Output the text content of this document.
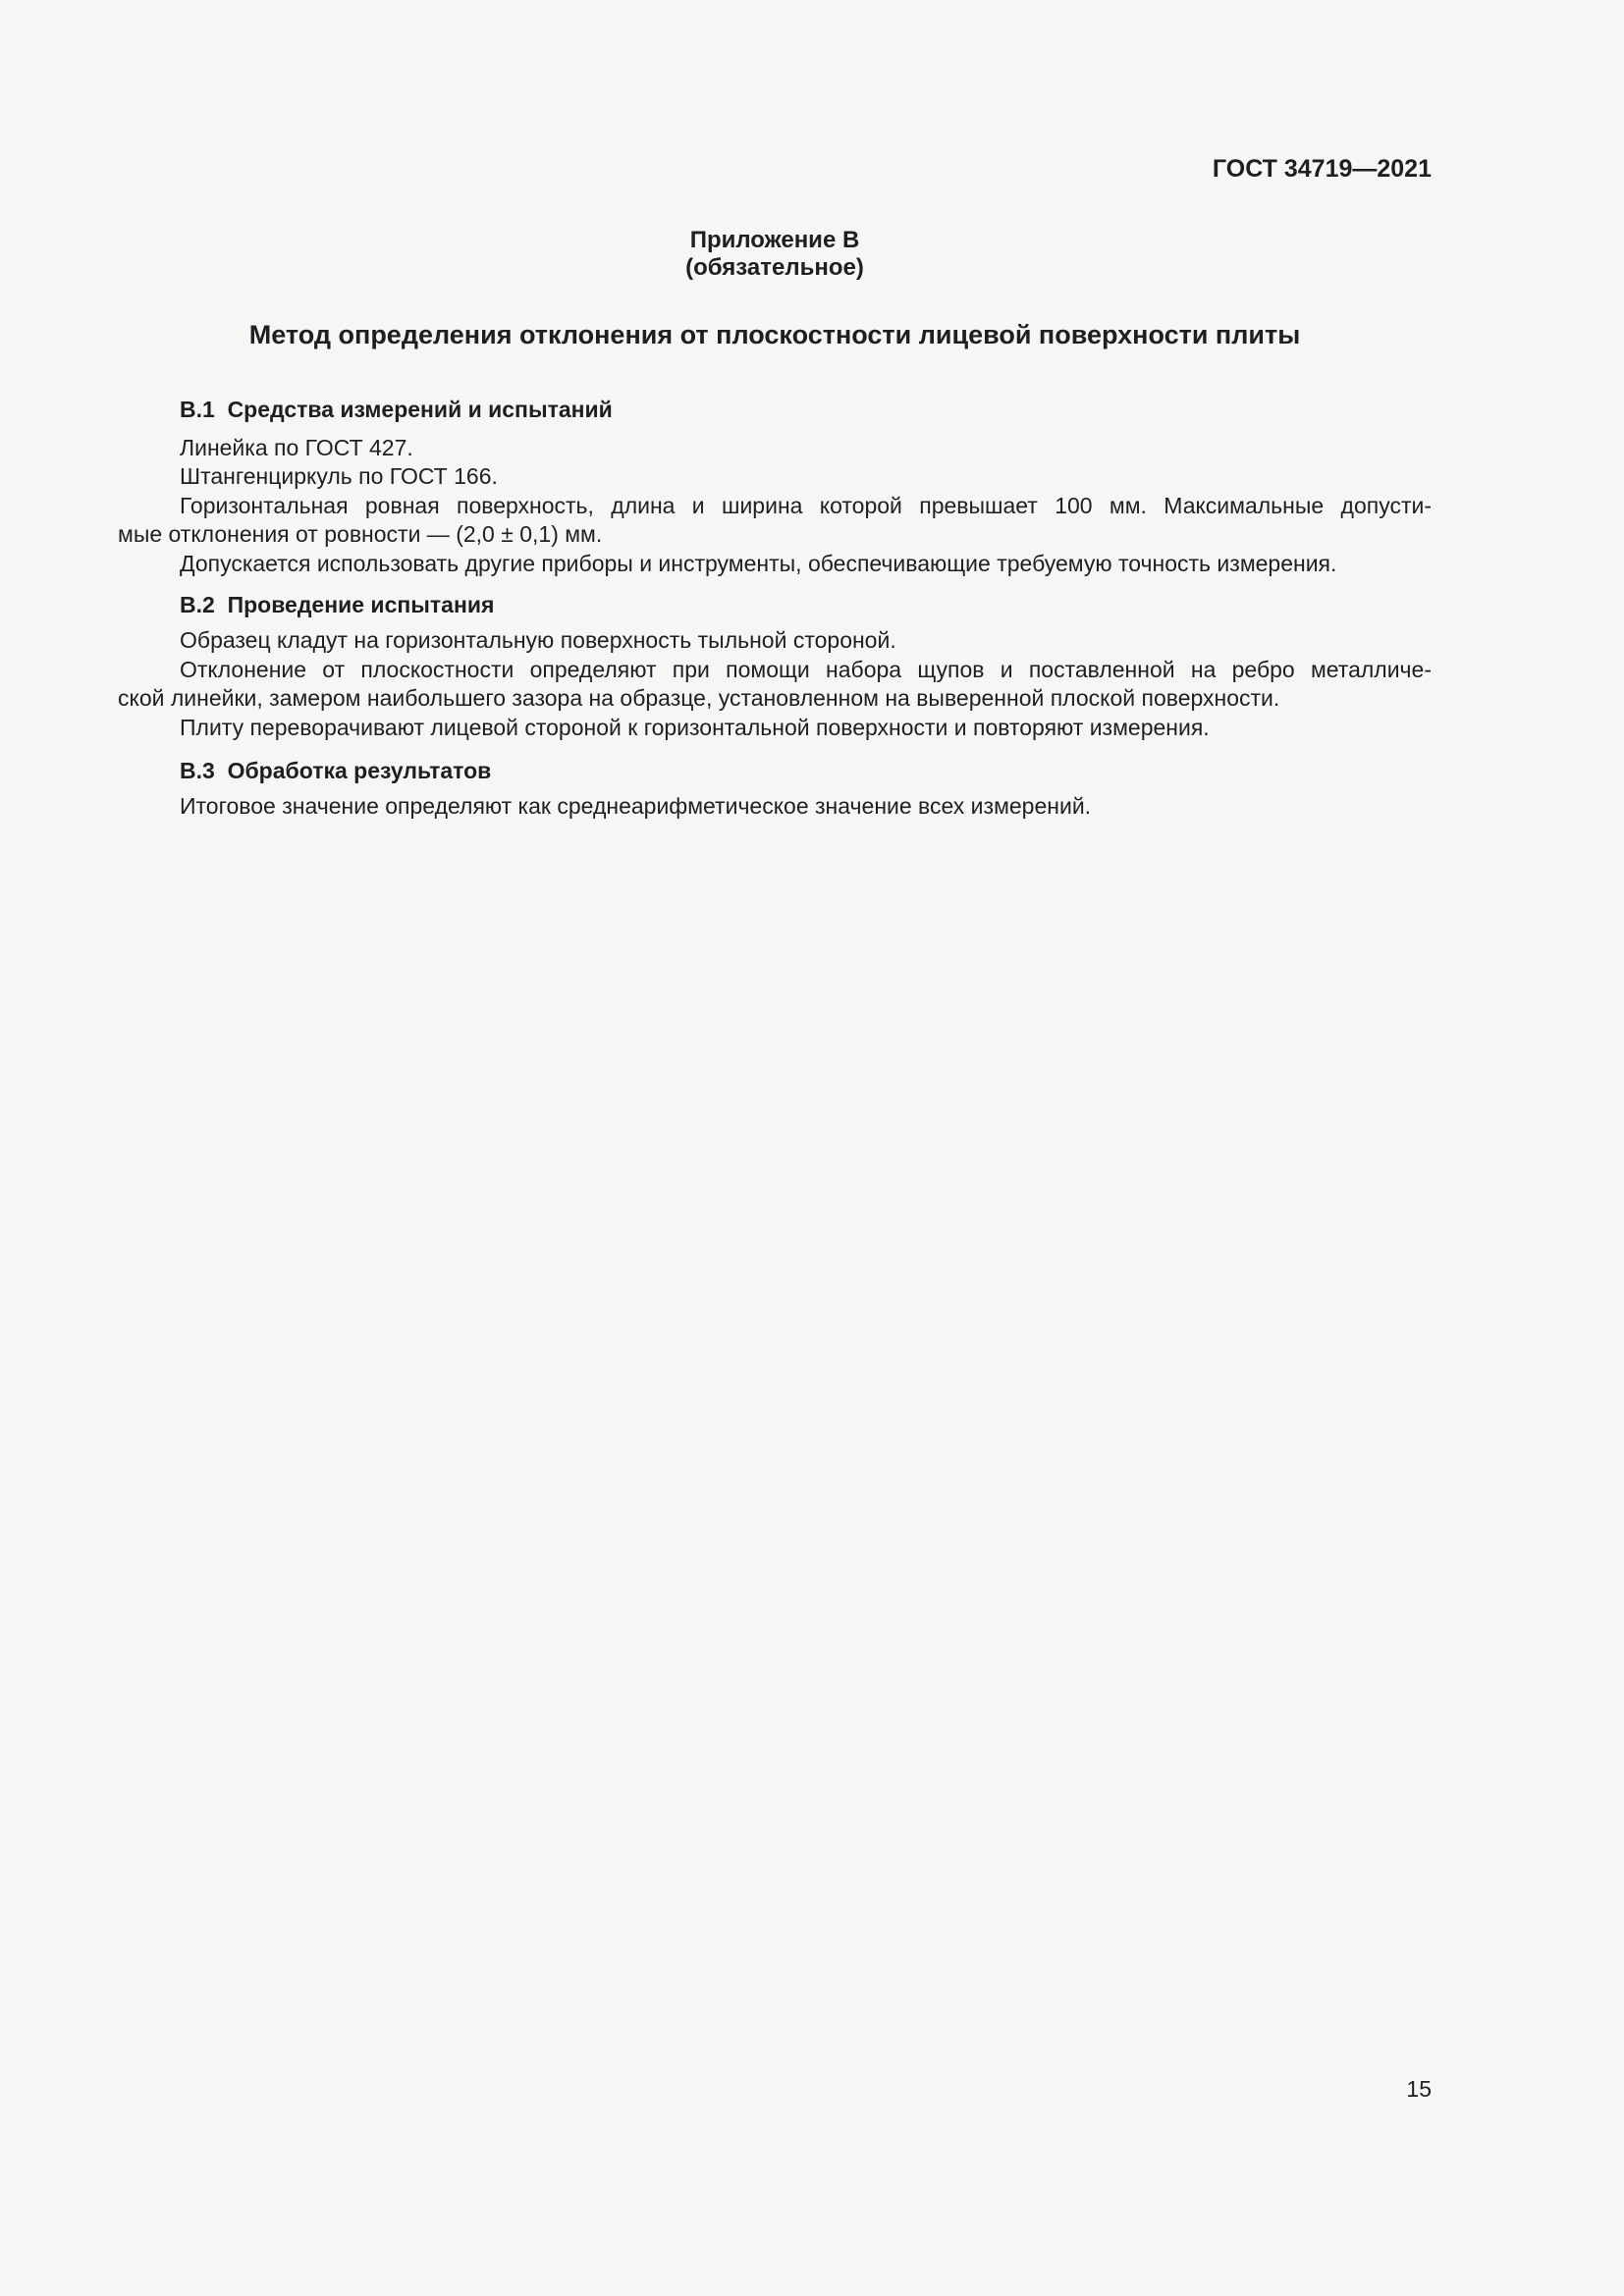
ГОСТ 34719—2021
Приложение В
(обязательное)
Метод определения отклонения от плоскостности лицевой поверхности плиты
В.1  Средства измерений и испытаний
Линейка по ГОСТ 427.
Штангенциркуль по ГОСТ 166.
Горизонтальная ровная поверхность, длина и ширина которой превышает 100 мм. Максимальные допусти-
мые отклонения от ровности — (2,0 ± 0,1) мм.
Допускается использовать другие приборы и инструменты, обеспечивающие требуемую точность измерения.
В.2  Проведение испытания
Образец кладут на горизонтальную поверхность тыльной стороной.
Отклонение от плоскостности определяют при помощи набора щупов и поставленной на ребро металличе-
ской линейки, замером наибольшего зазора на образце, установленном на выверенной плоской поверхности.
Плиту переворачивают лицевой стороной к горизонтальной поверхности и повторяют измерения.
В.3  Обработка результатов
Итоговое значение определяют как среднеарифметическое значение всех измерений.
15
